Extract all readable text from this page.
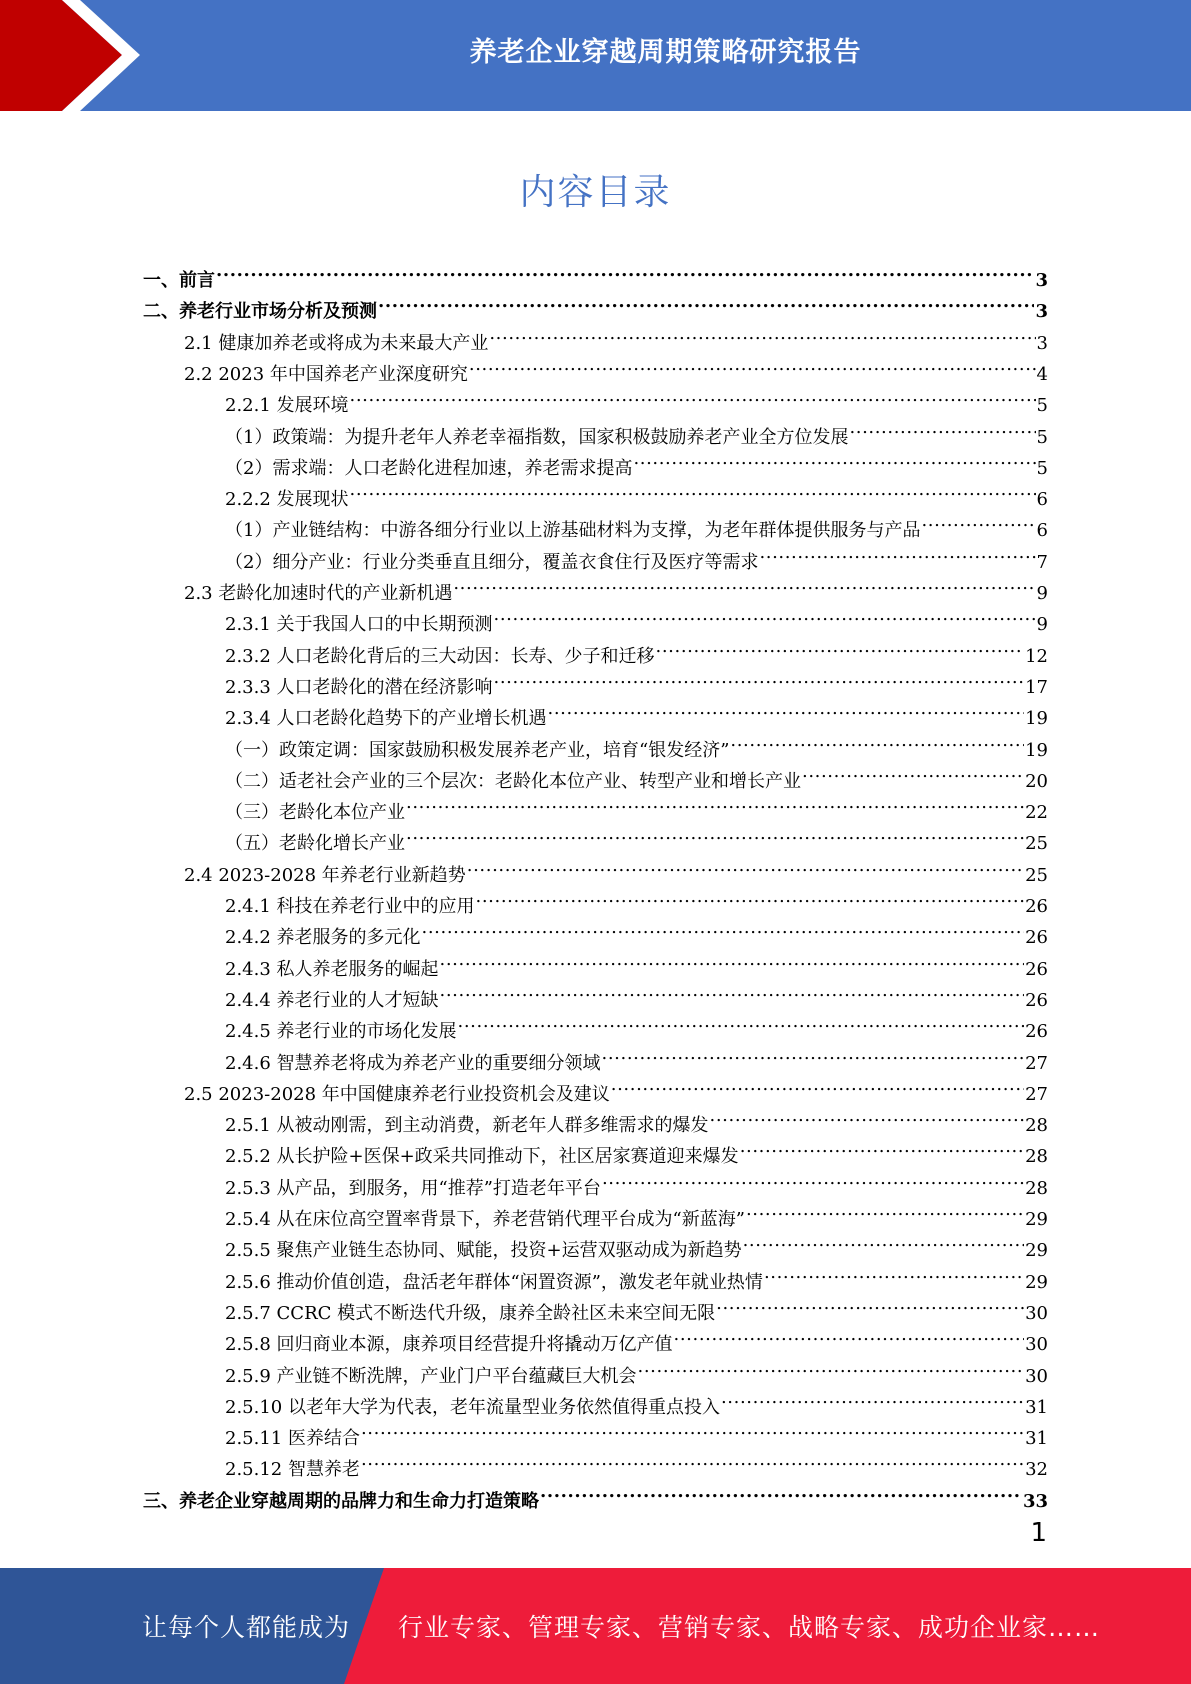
养老企业穿越周期策略研究报告
内容目录
一、前言 .....	3
二、养老行业市场分析及预测 .....	3
2.1 健康加养老或将成为未来最大产业 .....	3
2.2 2023 年中国养老产业深度研究 .....	4
2.2.1 发展环境 .....	5
（1）政策端：为提升老年人养老幸福指数，国家积极鼓励养老产业全方位发展 .....	5
（2）需求端：人口老龄化进程加速，养老需求提高 .....	5
2.2.2 发展现状 .....	6
（1）产业链结构：中游各细分行业以上游基础材料为支撑，为老年群体提供服务与产品 .....	6
（2）细分产业：行业分类垂直且细分，覆盖衣食住行及医疗等需求 .....	7
2.3 老龄化加速时代的产业新机遇 .....	9
2.3.1 关于我国人口的中长期预测 .....	9
2.3.2 人口老龄化背后的三大动因：长寿、少子和迁移 .....	12
2.3.3 人口老龄化的潜在经济影响 .....	17
2.3.4 人口老龄化趋势下的产业增长机遇 .....	19
（一）政策定调：国家鼓励积极发展养老产业，培育“银发经济” .....	19
（二）适老社会产业的三个层次：老龄化本位产业、转型产业和增长产业 .....	20
（三）老龄化本位产业 .....	22
（五）老龄化增长产业 .....	25
2.4 2023-2028 年养老行业新趋势 .....	25
2.4.1 科技在养老行业中的应用 .....	26
2.4.2 养老服务的多元化 .....	26
2.4.3 私人养老服务的崛起 .....	26
2.4.4 养老行业的人才短缺 .....	26
2.4.5 养老行业的市场化发展 .....	26
2.4.6 智慧养老将成为养老产业的重要细分领域 .....	27
2.5 2023-2028 年中国健康养老行业投资机会及建议 .....	27
2.5.1 从被动刚需，到主动消费，新老年人群多维需求的爆发 .....	28
2.5.2 从长护险+医保+政采共同推动下，社区居家赛道迎来爆发 .....	28
2.5.3 从产品，到服务，用“推荐”打造老年平台 .....	28
2.5.4 从在床位高空置率背景下，养老营销代理平台成为“新蓝海” .....	29
2.5.5 聚焦产业链生态协同、赋能，投资+运营双驱动成为新趋势 .....	29
2.5.6 推动价值创造，盘活老年群体“闲置资源”，激发老年就业热情 .....	29
2.5.7 CCRC 模式不断迭代升级，康养全龄社区未来空间无限 .....	30
2.5.8 回归商业本源，康养项目经营提升将撬动万亿产值 .....	30
2.5.9 产业链不断洗牌，产业门户平台蕴藏巨大机会 .....	30
2.5.10 以老年大学为代表，老年流量型业务依然值得重点投入 .....	31
2.5.11 医养结合 .....	31
2.5.12 智慧养老 .....	32
三、养老企业穿越周期的品牌力和生命力打造策略 .....	33
1
让每个人都能成为 行业专家、管理专家、营销专家、战略专家、成功企业家……
